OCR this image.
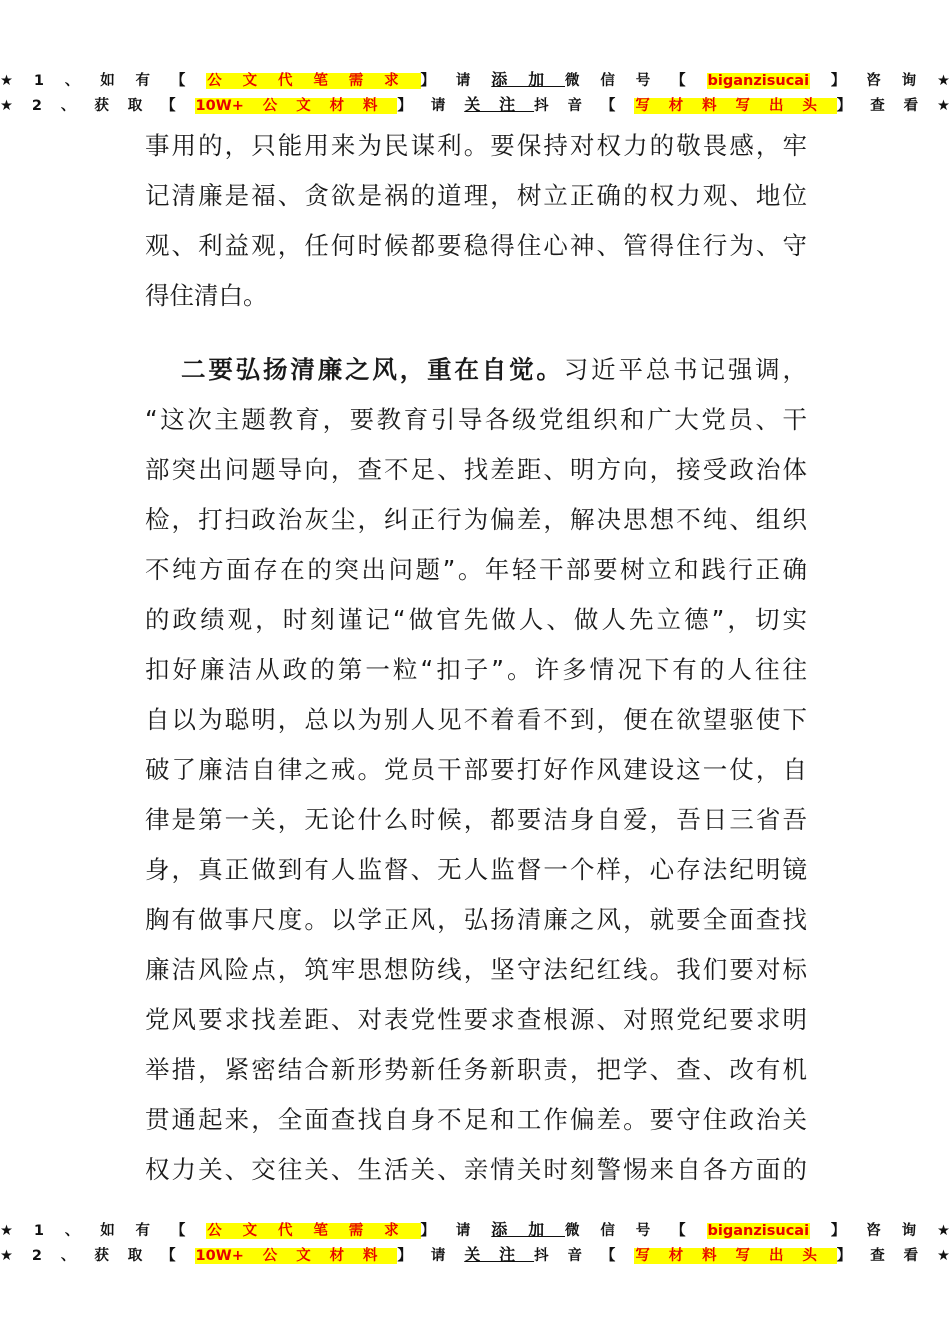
★1、如有【公文代笔需求】请添加微信号【biganzisucai】咨询★
★2、获取【10W+公文材料】请关注抖音【写材料写出头】查看★
事用的，只能用来为民谋利。要保持对权力的敬畏感，牢
记清廉是福、贪欲是祸的道理，树立正确的权力观、地位
观、利益观，任何时候都要稳得住心神、管得住行为、守
得住清白。
二要弘扬清廉之风，重在自觉。习近平总书记强调，
“这次主题教育，要教育引导各级党组织和广大党员、干
部突出问题导向，查不足、找差距、明方向，接受政治体
检，打扫政治灰尘，纠正行为偏差，解决思想不纯、组织
不纯方面存在的突出问题”。年轻干部要树立和践行正确
的政绩观，时刻谨记“做官先做人、做人先立德”，切实
扣好廉洁从政的第一粒“扣子”。许多情况下有的人往往
自以为聪明，总以为别人见不着看不到，便在欲望驱使下
破了廉洁自律之戒。党员干部要打好作风建设这一仗，自
律是第一关，无论什么时候，都要洁身自爱，吾日三省吾
身，真正做到有人监督、无人监督一个样，心存法纪明镜
胸有做事尺度。以学正风，弘扬清廉之风，就要全面查找
廉洁风险点，筑牢思想防线，坚守法纪红线。我们要对标
党风要求找差距、对表党性要求查根源、对照党纪要求明
举措，紧密结合新形势新任务新职责，把学、查、改有机
贯通起来，全面查找自身不足和工作偏差。要守住政治关
权力关、交往关、生活关、亲情关时刻警惕来自各方面的
★1、如有【公文代笔需求】请添加微信号【biganzisucai】咨询★
★2、获取【10W+公文材料】请关注抖音【写材料写出头】查看★
